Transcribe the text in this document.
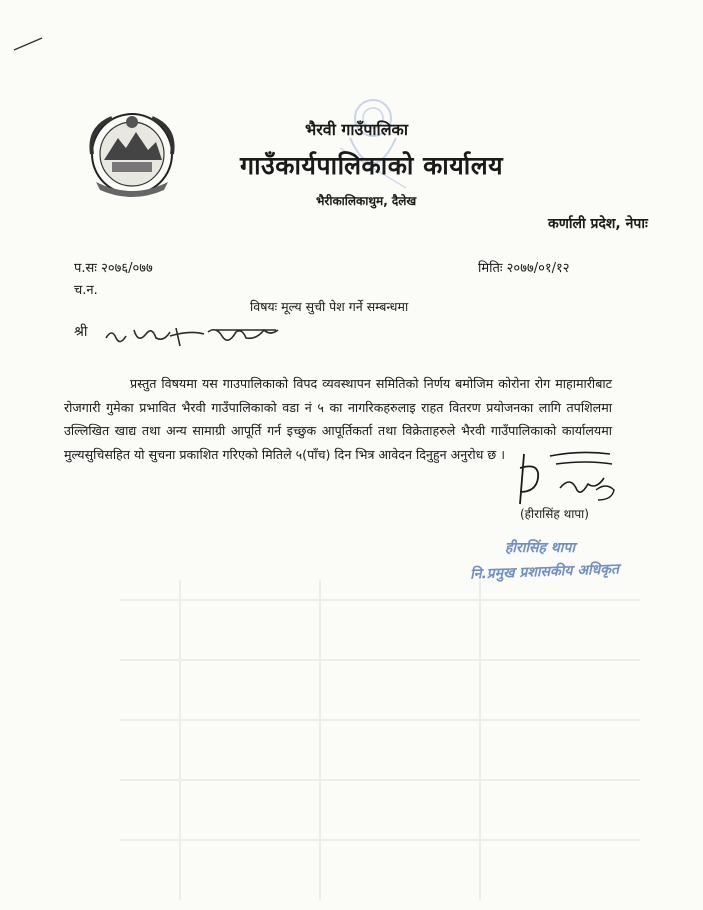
भैरवी गाउँपालिका
गाउँकार्यपालिकाको कार्यालय
भैरीकालिकाथुम, दैलेख
कर्णाली प्रदेश, नेपाः
प.सः २०७६/०७७
च.न.
मितिः २०७७/०१/१२
विषयः मूल्य सुची पेश गर्ने सम्बन्धमा
श्री
प्रस्तुत विषयमा यस गाउपालिकाको विपद व्यवस्थापन समितिको निर्णय बमोजिम कोरोना रोग माहामारीबाट रोजगारी गुमेका प्रभावित भैरवी गाउँपालिकाको वडा नं ५ का नागरिकहरुलाइ राहत वितरण प्रयोजनका लागि तपशिलमा उल्लिखित खाद्य तथा अन्य सामाग्री आपूर्ति गर्न इच्छुक आपूर्तिकर्ता तथा विक्रेताहरुले भैरवी गाउँपालिकाको कार्यालयमा मुल्यसुचिसहित यो सुचना प्रकाशित गरिएको मितिले ५(पाँच) दिन भित्र आवेदन दिनुहुन अनुरोध छ ।
(हीरासिंह थापा)
हीरासिंह थापा
नि.प्रमुख प्रशासकीय अधिकृत
